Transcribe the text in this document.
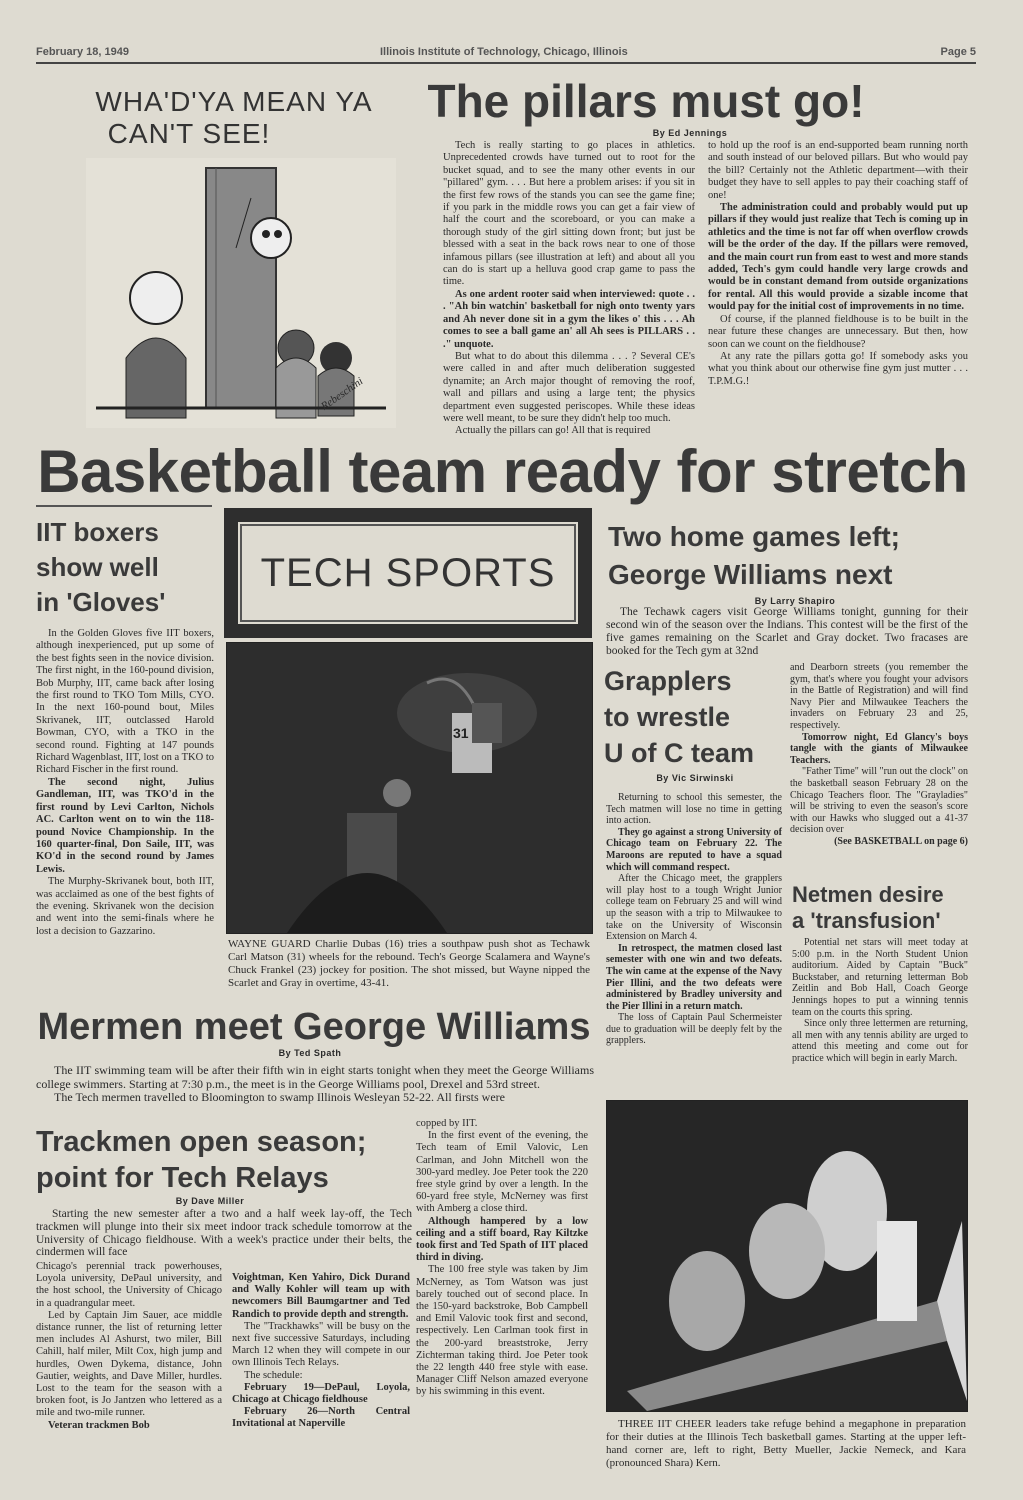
February 18, 1949	Illinois Institute of Technology, Chicago, Illinois	Page 5
WHA'D'YA MEAN YA
CAN'T SEE!
Rebeschini
The pillars must go!
By Ed Jennings

Tech is really starting to go places in athletics. Unprecedented crowds have turned out to root for the bucket squad, and to see the many other events in our "pillared" gym. . . . But here a problem arises: if you sit in the first few rows of the stands you can see the game fine; if you park in the middle rows you can get a fair view of half the court and the scoreboard, or you can make a thorough study of the girl sitting down front; but just be blessed with a seat in the back rows near to one of those infamous pillars (see illustration at left) and about all you can do is start up a helluva good crap game to pass the time.

As one ardent rooter said when interviewed: quote . . . "Ah bin watchin' basketball for nigh onto twenty yars and Ah never done sit in a gym the likes o' this . . . Ah comes to see a ball game an' all Ah sees is PILLARS . . ." unquote.

But what to do about this dilemma . . . ? Several CE's were called in and after much deliberation suggested dynamite; an Arch major thought of removing the roof, wall and pillars and using a large tent; the physics department even suggested periscopes. While these ideas were well meant, to be sure they didn't help too much.

Actually the pillars can go! All that is required

to hold up the roof is an end-supported beam running north and south instead of our beloved pillars. But who would pay the bill? Certainly not the Athletic department—with their budget they have to sell apples to pay their coaching staff of one!

The administration could and probably would put up pillars if they would just realize that Tech is coming up in athletics and the time is not far off when overflow crowds will be the order of the day. If the pillars were removed, and the main court run from east to west and more stands added, Tech's gym could handle very large crowds and would be in constant demand from outside organizations for rental. All this would provide a sizable income that would pay for the initial cost of improvements in no time.

Of course, if the planned fieldhouse is to be built in the near future these changes are unnecessary. But then, how soon can we count on the fieldhouse?

At any rate the pillars gotta go! If somebody asks you what you think about our otherwise fine gym just mutter . . . T.P.M.G.!

Basketball team ready for stretch
IIT boxers
show well
in 'Gloves'

In the Golden Gloves five IIT boxers, although inexperienced, put up some of the best fights seen in the novice division. The first night, in the 160-pound division, Bob Murphy, IIT, came back after losing the first round to TKO Tom Mills, CYO. In the next 160-pound bout, Miles Skrivanek, IIT, outclassed Harold Bowman, CYO, with a TKO in the second round. Fighting at 147 pounds Richard Wagenblast, IIT, lost on a TKO to Richard Fischer in the first round.

The second night, Julius Gandleman, IIT, was TKO'd in the first round by Levi Carlton, Nichols AC. Carlton went on to win the 118-pound Novice Championship. In the 160 quarter-final, Don Saile, IIT, was KO'd in the second round by James Lewis.

The Murphy-Skrivanek bout, both IIT, was acclaimed as one of the best fights of the evening. Skrivanek won the decision and went into the semi-finals where he lost a decision to Gazzarino.

TECH SPORTS
31
WAYNE GUARD Charlie Dubas (16) tries a southpaw push shot as Techawk Carl Matson (31) wheels for the rebound. Tech's George Scalamera and Wayne's Chuck Frankel (23) jockey for position. The shot missed, but Wayne nipped the Scarlet and Gray in overtime, 43-41.
Two home games left;
George Williams next
By Larry Shapiro
The Techawk cagers visit George Williams tonight, gunning for their second win of the season over the Indians. This contest will be the first of the five games remaining on the Scarlet and Gray docket. Two fracases are booked for the Tech gym at 32nd

and Dearborn streets (you remember the gym, that's where you fought your advisors in the Battle of Registration) and will find Navy Pier and Milwaukee Teachers the invaders on February 23 and 25, respectively.

Tomorrow night, Ed Glancy's boys tangle with the giants of Milwaukee Teachers.

"Father Time" will "run out the clock" on the basketball season February 28 on the Chicago Teachers floor. The "Grayladies" will be striving to even the season's score with our Hawks who slugged out a 41-37 decision over

(See BASKETBALL on page 6)

Grapplers
to wrestle
U of C team
By Vic Sirwinski

Returning to school this semester, the Tech matmen will lose no time in getting into action.

They go against a strong University of Chicago team on February 22. The Maroons are reputed to have a squad which will command respect.

After the Chicago meet, the grapplers will play host to a tough Wright Junior college team on February 25 and will wind up the season with a trip to Milwaukee to take on the University of Wisconsin Extension on March 4.

In retrospect, the matmen closed last semester with one win and two defeats. The win came at the expense of the Navy Pier Illini, and the two defeats were administered by Bradley university and the Pier Illini in a return match.

The loss of Captain Paul Schermeister due to graduation will be deeply felt by the grapplers.

Netmen desire
a 'transfusion'

Potential net stars will meet today at 5:00 p.m. in the North Student Union auditorium. Aided by Captain "Buck" Buckstaber, and returning letterman Bob Zeitlin and Bob Hall, Coach George Jennings hopes to put a winning tennis team on the courts this spring.

Since only three lettermen are returning, all men with any tennis ability are urged to attend this meeting and come out for practice which will begin in early March.

Mermen meet George Williams
By Ted Spath
The IIT swimming team will be after their fifth win in eight starts tonight when they meet the George Williams college swimmers. Starting at 7:30 p.m., the meet is in the George Williams pool, Drexel and 53rd street.
The Tech mermen travelled to Bloomington to swamp Illinois Wesleyan 52-22. All firsts were

copped by IIT.

In the first event of the evening, the Tech team of Emil Valovic, Len Carlman, and John Mitchell won the 300-yard medley. Joe Peter took the 220 free style grind by over a length. In the 60-yard free style, McNerney was first with Amberg a close third.

Although hampered by a low ceiling and a stiff board, Ray Kiltzke took first and Ted Spath of IIT placed third in diving.

The 100 free style was taken by Jim McNerney, as Tom Watson was just barely touched out of second place. In the 150-yard backstroke, Bob Campbell and Emil Valovic took first and second, respectively. Len Carlman took first in the 200-yard breaststroke, Jerry Zichterman taking third. Joe Peter took the 22 length 440 free style with ease. Manager Cliff Nelson amazed everyone by his swimming in this event.

Trackmen open season;
point for Tech Relays
By Dave Miller
Starting the new semester after a two and a half week lay-off, the Tech trackmen will plunge into their six meet indoor track schedule tomorrow at the University of Chicago fieldhouse. With a week's practice under their belts, the cindermen will face

Chicago's perennial track powerhouses, Loyola university, DePaul university, and the host school, the University of Chicago in a quadrangular meet.

Led by Captain Jim Sauer, ace middle distance runner, the list of returning letter men includes Al Ashurst, two miler, Bill Cahill, half miler, Milt Cox, high jump and hurdles, Owen Dykema, distance, John Gautier, weights, and Dave Miller, hurdles. Lost to the team for the season with a broken foot, is Jo Jantzen who lettered as a mile and two-mile runner.

Veteran trackmen Bob

Voightman, Ken Yahiro, Dick Durand and Wally Kohler will team up with newcomers Bill Baumgartner and Ted Randich to provide depth and strength.

The "Trackhawks" will be busy on the next five successive Saturdays, including March 12 when they will compete in our own Illinois Tech Relays.

The schedule:

February 19—DePaul, Loyola, Chicago at Chicago fieldhouse

February 26—North Central Invitational at Naperville	THREE IIT CHEER leaders take refuge behind a megaphone in preparation for their duties at the Illinois Tech basketball games. Starting at the upper left-hand corner are, left to right, Betty Mueller, Jackie Nemeck, and Kara (pronounced Shara) Kern.
